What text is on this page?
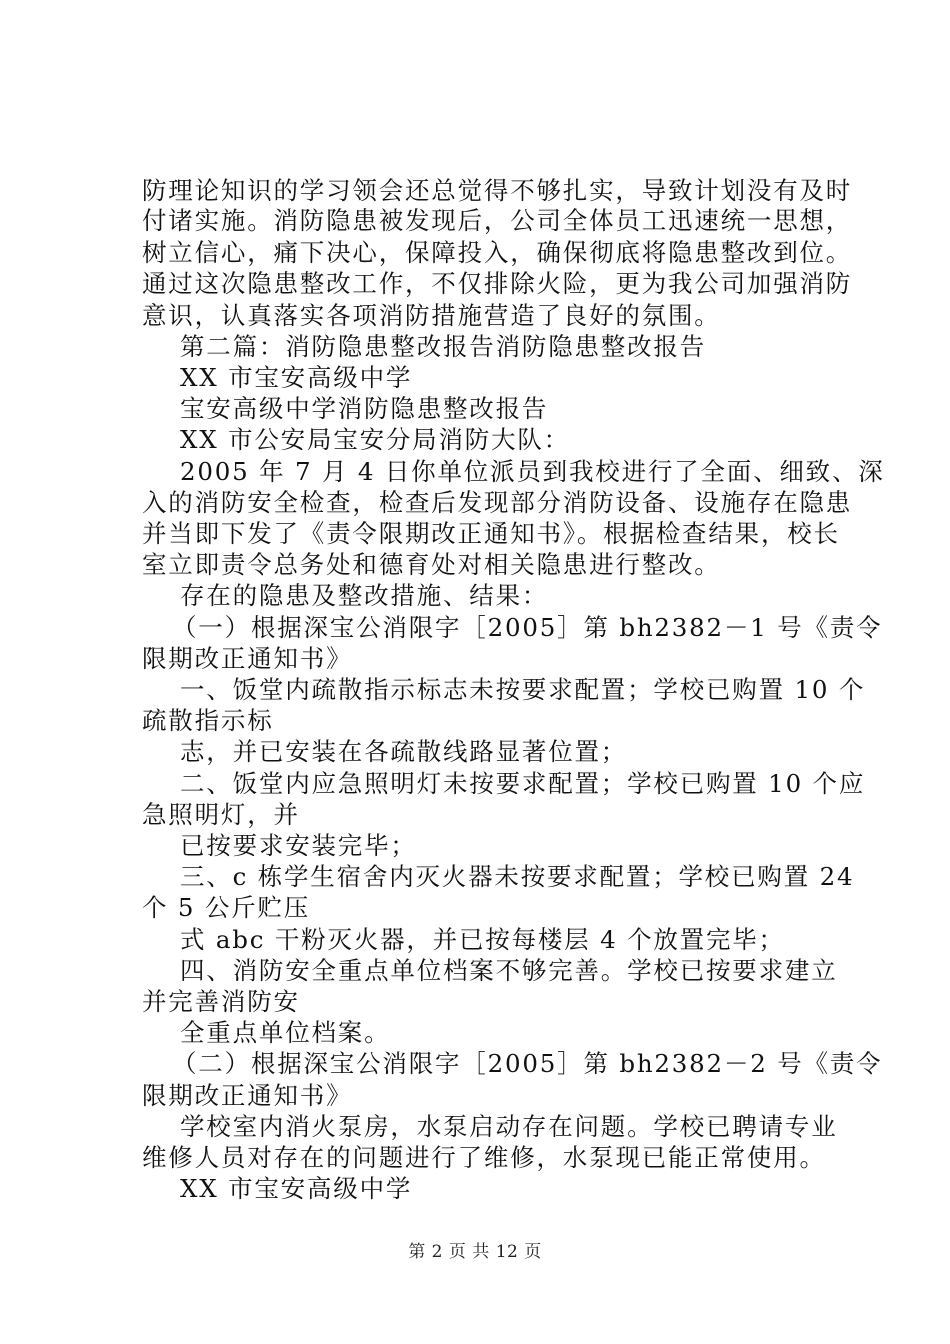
防理论知识的学习领会还总觉得不够扎实，导致计划没有及时
付诸实施。消防隐患被发现后，公司全体员工迅速统一思想，
树立信心，痛下决心，保障投入，确保彻底将隐患整改到位。
通过这次隐患整改工作，不仅排除火险，更为我公司加强消防
意识，认真落实各项消防措施营造了良好的氛围。
第二篇：消防隐患整改报告消防隐患整改报告
XX 市宝安高级中学
宝安高级中学消防隐患整改报告
XX 市公安局宝安分局消防大队：
2005 年 7 月 4 日你单位派员到我校进行了全面、细致、深
入的消防安全检查，检查后发现部分消防设备、设施存在隐患
并当即下发了《责令限期改正通知书》。根据检查结果，校长
室立即责令总务处和德育处对相关隐患进行整改。
存在的隐患及整改措施、结果：
（一）根据深宝公消限字［2005］第 bh2382－1 号《责令
限期改正通知书》
一、饭堂内疏散指示标志未按要求配置；学校已购置 10 个
疏散指示标
志，并已安装在各疏散线路显著位置；
二、饭堂内应急照明灯未按要求配置；学校已购置 10 个应
急照明灯，并
已按要求安装完毕；
三、c 栋学生宿舍内灭火器未按要求配置；学校已购置 24
个 5 公斤贮压
式 abc 干粉灭火器，并已按每楼层 4 个放置完毕；
四、消防安全重点单位档案不够完善。学校已按要求建立
并完善消防安
全重点单位档案。
（二）根据深宝公消限字［2005］第 bh2382－2 号《责令
限期改正通知书》
学校室内消火泵房，水泵启动存在问题。学校已聘请专业
维修人员对存在的问题进行了维修，水泵现已能正常使用。
XX 市宝安高级中学
第 2 页 共 12 页
